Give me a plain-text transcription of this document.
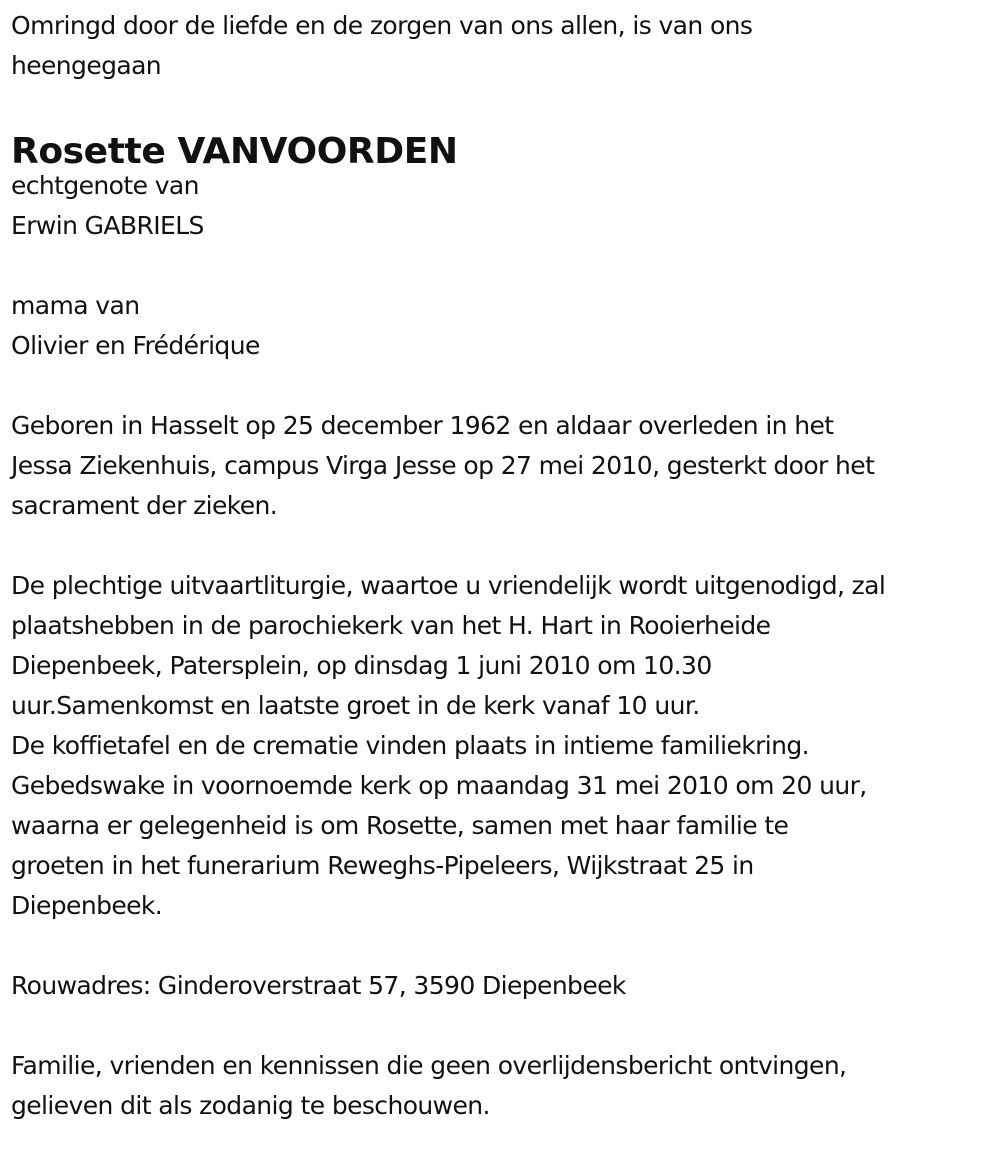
Omringd door de liefde en de zorgen van ons allen, is van ons
heengegaan
Rosette VANVOORDEN
echtgenote van
Erwin GABRIELS
mama van
Olivier en Frédérique
Geboren in Hasselt op 25 december 1962 en aldaar overleden in het
Jessa Ziekenhuis, campus Virga Jesse op 27 mei 2010, gesterkt door het
sacrament der zieken.
De plechtige uitvaartliturgie, waartoe u vriendelijk wordt uitgenodigd, zal
plaatshebben in de parochiekerk van het H. Hart in Rooierheide
Diepenbeek, Patersplein, op dinsdag 1 juni 2010 om 10.30
uur.Samenkomst en laatste groet in de kerk vanaf 10 uur.
De koffietafel en de crematie vinden plaats in intieme familiekring.
Gebedswake in voornoemde kerk op maandag 31 mei 2010 om 20 uur,
waarna er gelegenheid is om Rosette, samen met haar familie te
groeten in het funerarium Reweghs-Pipeleers, Wijkstraat 25 in
Diepenbeek.
Rouwadres: Ginderoverstraat 57, 3590 Diepenbeek
Familie, vrienden en kennissen die geen overlijdensbericht ontvingen,
gelieven dit als zodanig te beschouwen.
